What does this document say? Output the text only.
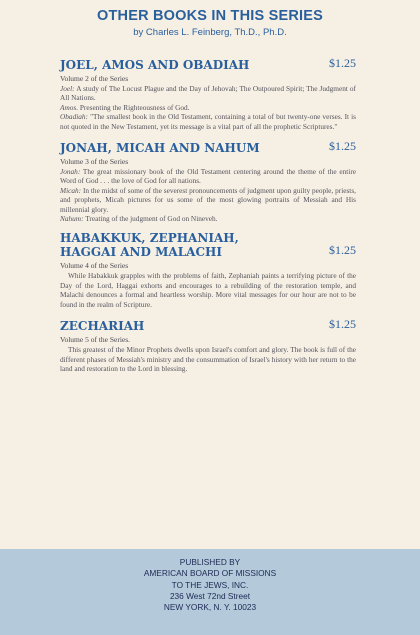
OTHER BOOKS IN THIS SERIES
by Charles L. Feinberg, Th.D., Ph.D.
JOEL, AMOS AND OBADIAH	$1.25
Volume 2 of the Series
Joel: A study of The Locust Plague and the Day of Jehovah; The Outpoured Spirit; The Judgment of All Nations.
Amos. Presenting the Righteousness of God.
Obadiah: "The smallest book in the Old Testament, containing a total of but twenty-one verses. It is not quoted in the New Testament, yet its message is a vital part of all the prophetic Scriptures."
JONAH, MICAH AND NAHUM	$1.25
Volume 3 of the Series
Jonah: The great missionary book of the Old Testament centering around the theme of the entire Word of God . . . the love of God for all nations.
Micah: In the midst of some of the severest pronouncements of judgment upon guilty people, priests, and prophets, Micah pictures for us some of the most glowing portraits of Messiah and His millennial glory.
Nahum: Treating of the judgment of God on Nineveh.
HABAKKUK, ZEPHANIAH, HAGGAI AND MALACHI	$1.25
Volume 4 of the Series
While Habakkuk grapples with the problems of faith, Zephaniah paints a terrifying picture of the Day of the Lord, Haggai exhorts and encourages to a rebuilding of the restoration temple, and Malachi denounces a formal and heartless worship. More vital messages for our hour are not to be found in the realm of Scripture.
ZECHARIAH	$1.25
Volume 5 of the Series.
This greatest of the Minor Prophets dwells upon Israel's comfort and glory. The book is full of the different phases of Messiah's ministry and the consummation of Israel's history with her return to the land and restoration to the Lord in blessing.
PUBLISHED BY
AMERICAN BOARD OF MISSIONS
TO THE JEWS, INC.
236 West 72nd Street
NEW YORK, N. Y. 10023
